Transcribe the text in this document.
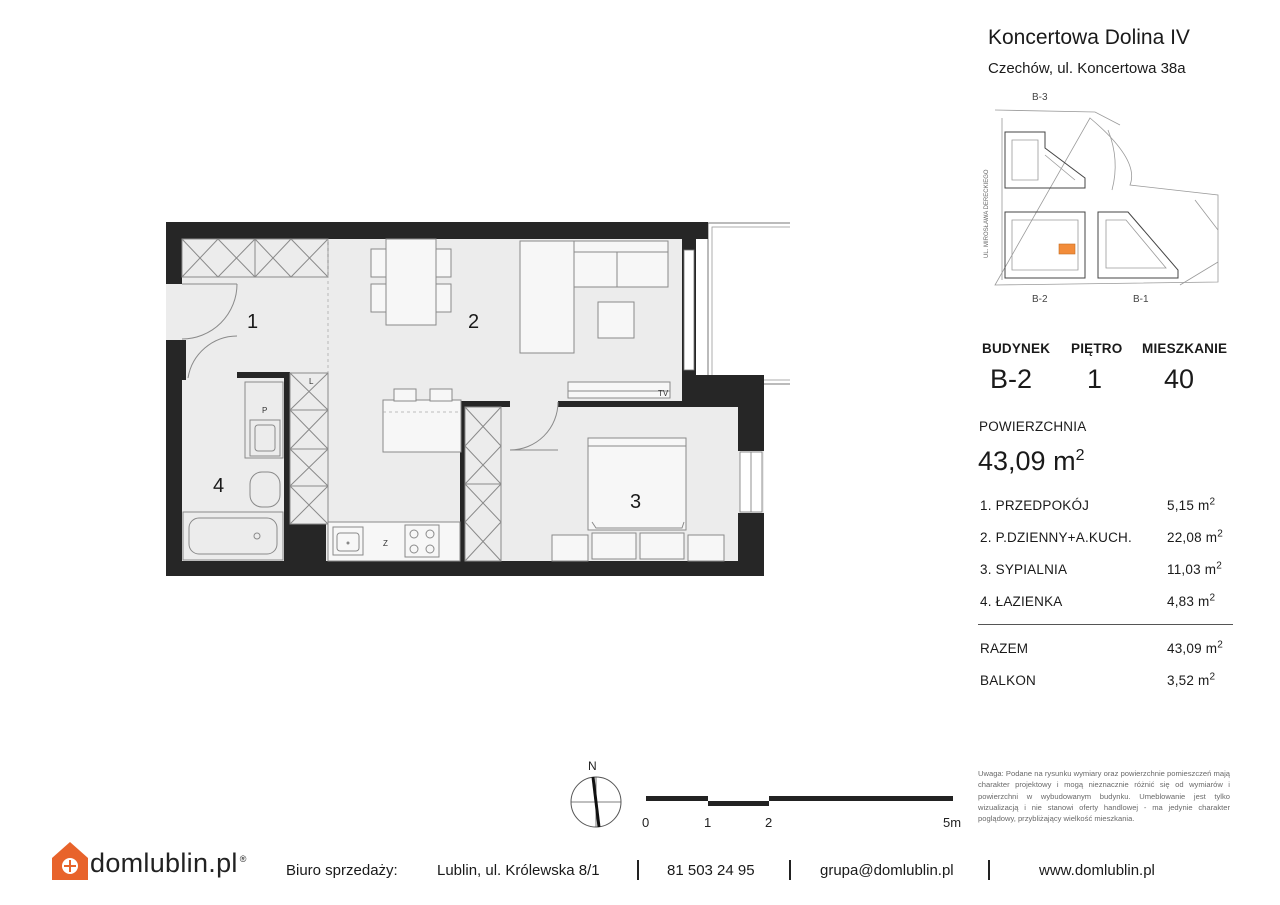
TV
Z
L
P
1	2
3
4
Koncertowa Dolina IV
Czechów, ul. Koncertowa 38a
B-3
B-2	B-1
UL. MIROSŁAWA DERECKIEGO
BUDYNEK PIĘTRO MIESZKANIE
B-2 1 40
POWIERZCHNIA
43,09 $m^2$
1. PRZEDPOKÓJ	5,15 $m^2$
2. P.DZIENNY+A.KUCH.	22,08 $m^2$
3. SYPIALNIA	11,03 $m^2$
4. ŁAZIENKA	4,83 $m^2$
RAZEM	43,09 $m^2$
BALKON	3,52 $m^2$
Uwaga: Podane na rysunku wymiary oraz powierzchnie pomieszczeń mają charakter projektowy i mogą nieznacznie różnić się od wymiarów i powierzchni w wybudowanym budynku. Umeblowanie jest tylko wizualizacją i nie stanowi oferty handlowej - ma jedynie charakter poglądowy, przybliżający wielkość mieszkania.
N
0	1	2	5m
domlublin.pl ®
Biuro sprzedaży:	Lublin, ul. Królewska 8/1	81 503 24 95	grupa@domlublin.pl	www.domlublin.pl
